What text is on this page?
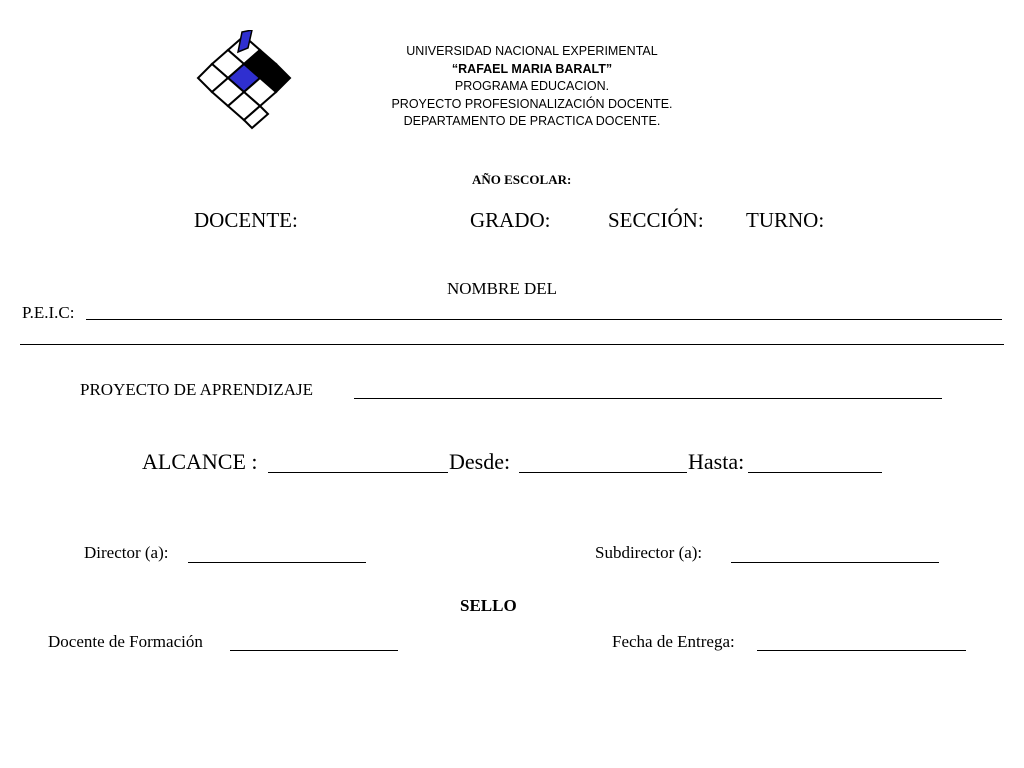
UNIVERSIDAD NACIONAL EXPERIMENTAL
“RAFAEL MARIA BARALT”
PROGRAMA EDUCACION.
PROYECTO PROFESIONALIZACIÓN DOCENTE.
DEPARTAMENTO DE PRACTICA DOCENTE.
AÑO ESCOLAR:
DOCENTE:	GRADO:	SECCIÓN: TURNO:
NOMBRE DEL
P.E.I.C:
PROYECTO DE APRENDIZAJE
ALCANCE :	Desde:	Hasta:
Director (a):	Subdirector (a):
SELLO
Docente de Formación	Fecha de Entrega:
